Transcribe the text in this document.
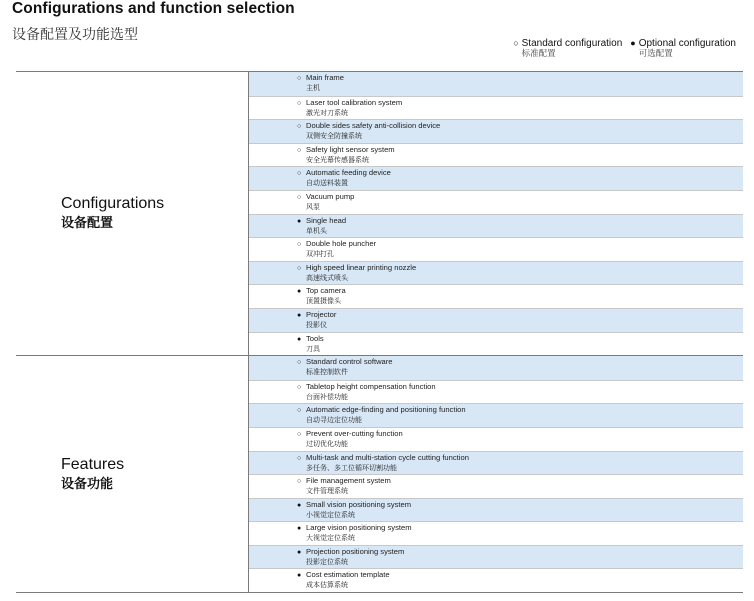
Configurations and function selection
设备配置及功能选型	○ Standard configuration
标准配置
● Optional configuration
可选配置
Configurations
设备配置
○ Main frame
主机
○ Laser tool calibration system
激光对刀系统
○ Double sides safety anti-collision device
双侧安全防撞系统
○ Safety light sensor system
安全光幕传感器系统
○ Automatic feeding device
自动送料装置
○ Vacuum pump
风泵
● Single head
单机头
○ Double hole puncher
双冲打孔
○ High speed linear printing nozzle
高速线式喷头
● Top camera
顶置摄像头
● Projector
投影仪
● Tools
刀具
Features
设备功能
○ Standard control software
标准控制软件
○ Tabletop height compensation function
台面补偿功能
○ Automatic edge-finding and positioning function
自动寻边定位功能
○ Prevent over-cutting function
过切优化功能
○ Multi-task and multi-station cycle cutting function
多任务、多工位循环切割功能
○ File management system
文件管理系统
● Small vision positioning system
小视觉定位系统
● Large vision positioning system
大视觉定位系统
● Projection positioning system
投影定位系统
● Cost estimation template
成本估算系统
